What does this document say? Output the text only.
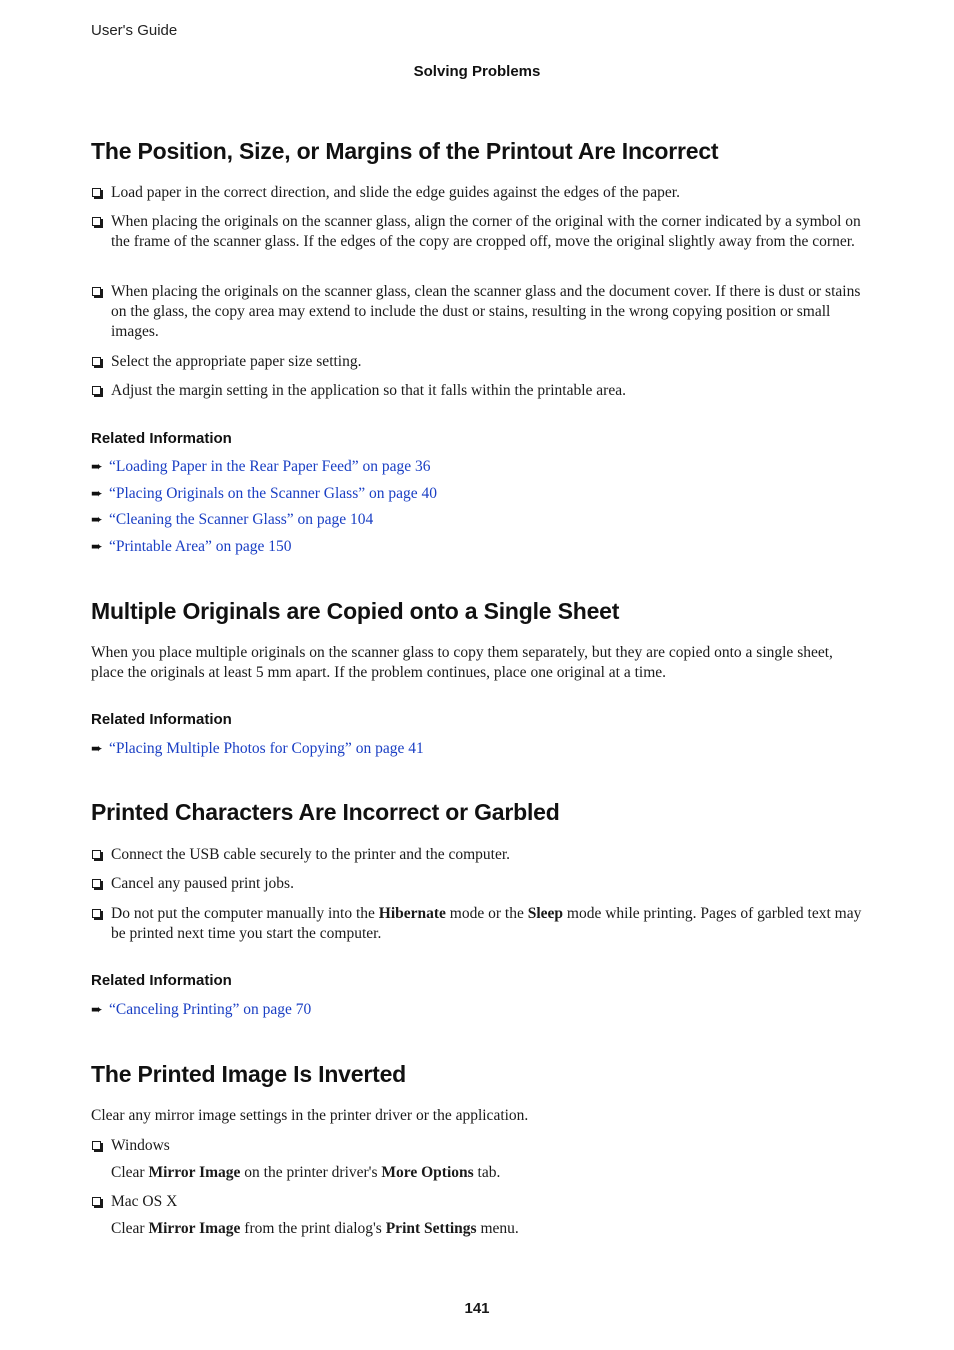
User's Guide
Solving Problems
The Position, Size, or Margins of the Printout Are Incorrect
Load paper in the correct direction, and slide the edge guides against the edges of the paper.
When placing the originals on the scanner glass, align the corner of the original with the corner indicated by a symbol on the frame of the scanner glass. If the edges of the copy are cropped off, move the original slightly away from the corner.
When placing the originals on the scanner glass, clean the scanner glass and the document cover. If there is dust or stains on the glass, the copy area may extend to include the dust or stains, resulting in the wrong copying position or small images.
Select the appropriate paper size setting.
Adjust the margin setting in the application so that it falls within the printable area.
Related Information
➨ “Loading Paper in the Rear Paper Feed” on page 36
➨ “Placing Originals on the Scanner Glass” on page 40
➨ “Cleaning the Scanner Glass” on page 104
➨ “Printable Area” on page 150
Multiple Originals are Copied onto a Single Sheet
When you place multiple originals on the scanner glass to copy them separately, but they are copied onto a single sheet, place the originals at least 5 mm apart. If the problem continues, place one original at a time.
Related Information
➨ “Placing Multiple Photos for Copying” on page 41
Printed Characters Are Incorrect or Garbled
Connect the USB cable securely to the printer and the computer.
Cancel any paused print jobs.
Do not put the computer manually into the Hibernate mode or the Sleep mode while printing. Pages of garbled text may be printed next time you start the computer.
Related Information
➨ “Canceling Printing” on page 70
The Printed Image Is Inverted
Clear any mirror image settings in the printer driver or the application.
Windows
Clear Mirror Image on the printer driver's More Options tab.
Mac OS X
Clear Mirror Image from the print dialog's Print Settings menu.
141
